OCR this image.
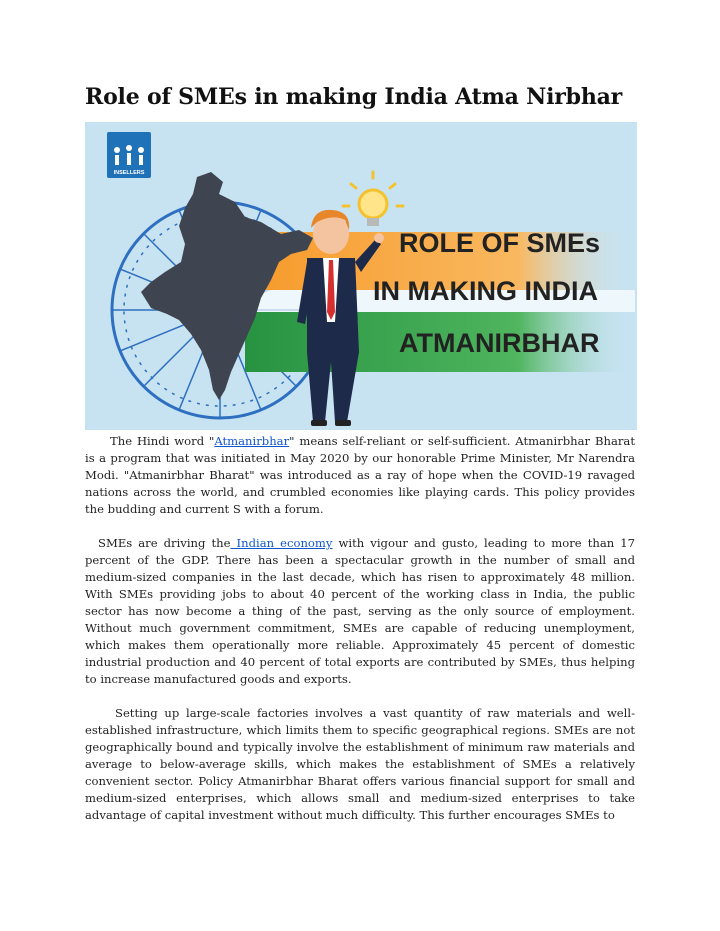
Role of SMEs in making India Atma Nirbhar
INSELLERS
ROLE OF SMEs
IN MAKING INDIA
ATMANIRBHAR

The Hindi word "Atmanirbhar" means self-reliant or self-sufficient. Atmanirbhar Bharat is a program that was initiated in May 2020 by our honorable Prime Minister, Mr Narendra Modi. "Atmanirbhar Bharat" was introduced as a ray of hope when the COVID-19 ravaged nations across the world, and crumbled economies like playing cards. This policy provides the budding and current S with a forum.

SMEs are driving the Indian economy with vigour and gusto, leading to more than 17 percent of the GDP. There has been a spectacular growth in the number of small and medium-sized companies in the last decade, which has risen to approximately 48 million. With SMEs providing jobs to about 40 percent of the working class in India, the public sector has now become a thing of the past, serving as the only source of employment. Without much government commitment, SMEs are capable of reducing unemployment, which makes them operationally more reliable. Approximately 45 percent of domestic industrial production and 40 percent of total exports are contributed by SMEs, thus helping to increase manufactured goods and exports.

Setting up large-scale factories involves a vast quantity of raw materials and well-established infrastructure, which limits them to specific geographical regions. SMEs are not geographically bound and typically involve the establishment of minimum raw materials and average to below-average skills, which makes the establishment of SMEs a relatively convenient sector. Policy Atmanirbhar Bharat offers various financial support for small and medium-sized enterprises, which allows small and medium-sized enterprises to take advantage of capital investment without much difficulty. This further encourages SMEs to
